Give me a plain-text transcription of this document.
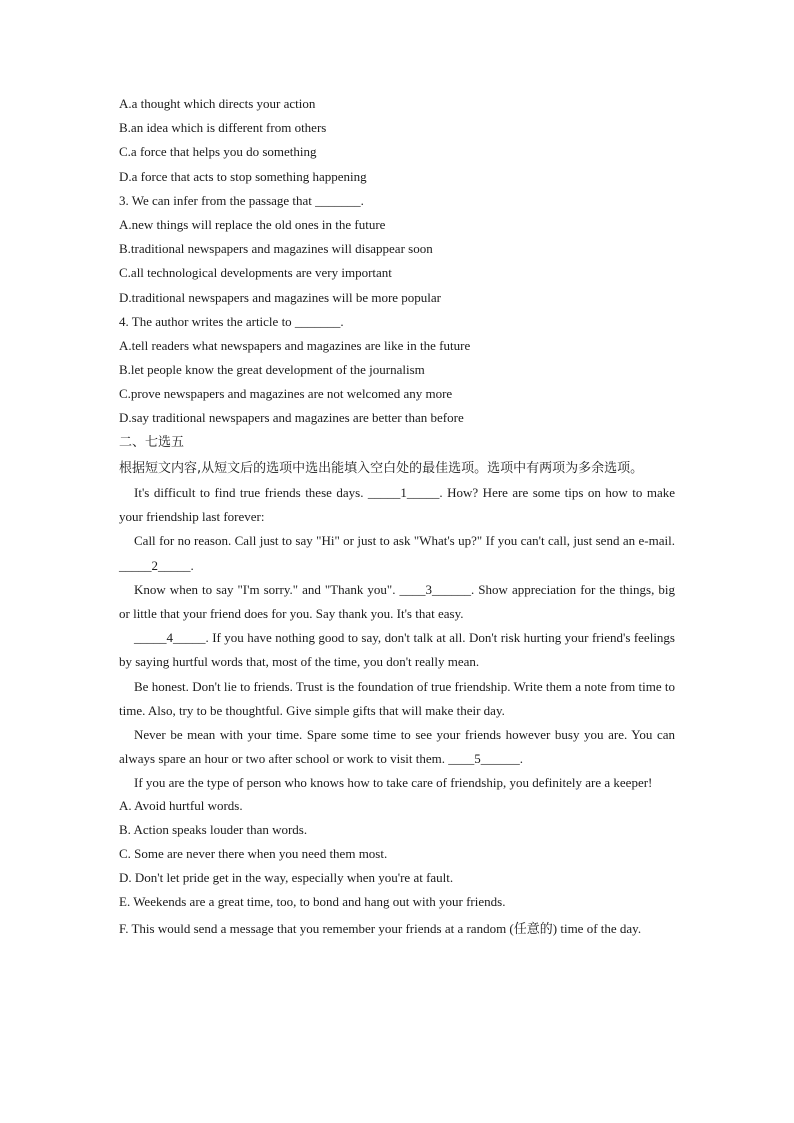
A.a thought which directs your action
B.an idea which is different from others
C.a force that helps you do something
D.a force that acts to stop something happening
3. We can infer from the passage that _______.
A.new things will replace the old ones in the future
B.traditional newspapers and magazines will disappear soon
C.all technological developments are very important
D.traditional newspapers and magazines will be more popular
4. The author writes the article to _______.
A.tell readers what newspapers and magazines are like in the future
B.let people know the great development of the journalism
C.prove newspapers and magazines are not welcomed any more
D.say traditional newspapers and magazines are better than before
二、七选五
根据短文内容,从短文后的选项中选出能填入空白处的最佳选项。选项中有两项为多余选项。
It's difficult to find true friends these days. _____1_____. How? Here are some tips on how to make your friendship last forever:
Call for no reason. Call just to say "Hi" or just to ask "What's up?" If you can't call, just send an e-mail. _____2_____.
Know when to say "I'm sorry." and "Thank you". ____3______. Show appreciation for the things, big or little that your friend does for you. Say thank you. It's that easy.
_____4_____. If you have nothing good to say, don't talk at all. Don't risk hurting your friend's feelings by saying hurtful words that, most of the time, you don't really mean.
Be honest. Don't lie to friends. Trust is the foundation of true friendship. Write them a note from time to time. Also, try to be thoughtful. Give simple gifts that will make their day.
Never be mean with your time. Spare some time to see your friends however busy you are. You can always spare an hour or two after school or work to visit them. ____5______.
If you are the type of person who knows how to take care of friendship, you definitely are a keeper!
A. Avoid hurtful words.
B. Action speaks louder than words.
C. Some are never there when you need them most.
D. Don't let pride get in the way, especially when you're at fault.
E. Weekends are a great time, too, to bond and hang out with your friends.
F. This would send a message that you remember your friends at a random (任意的) time of the day.
